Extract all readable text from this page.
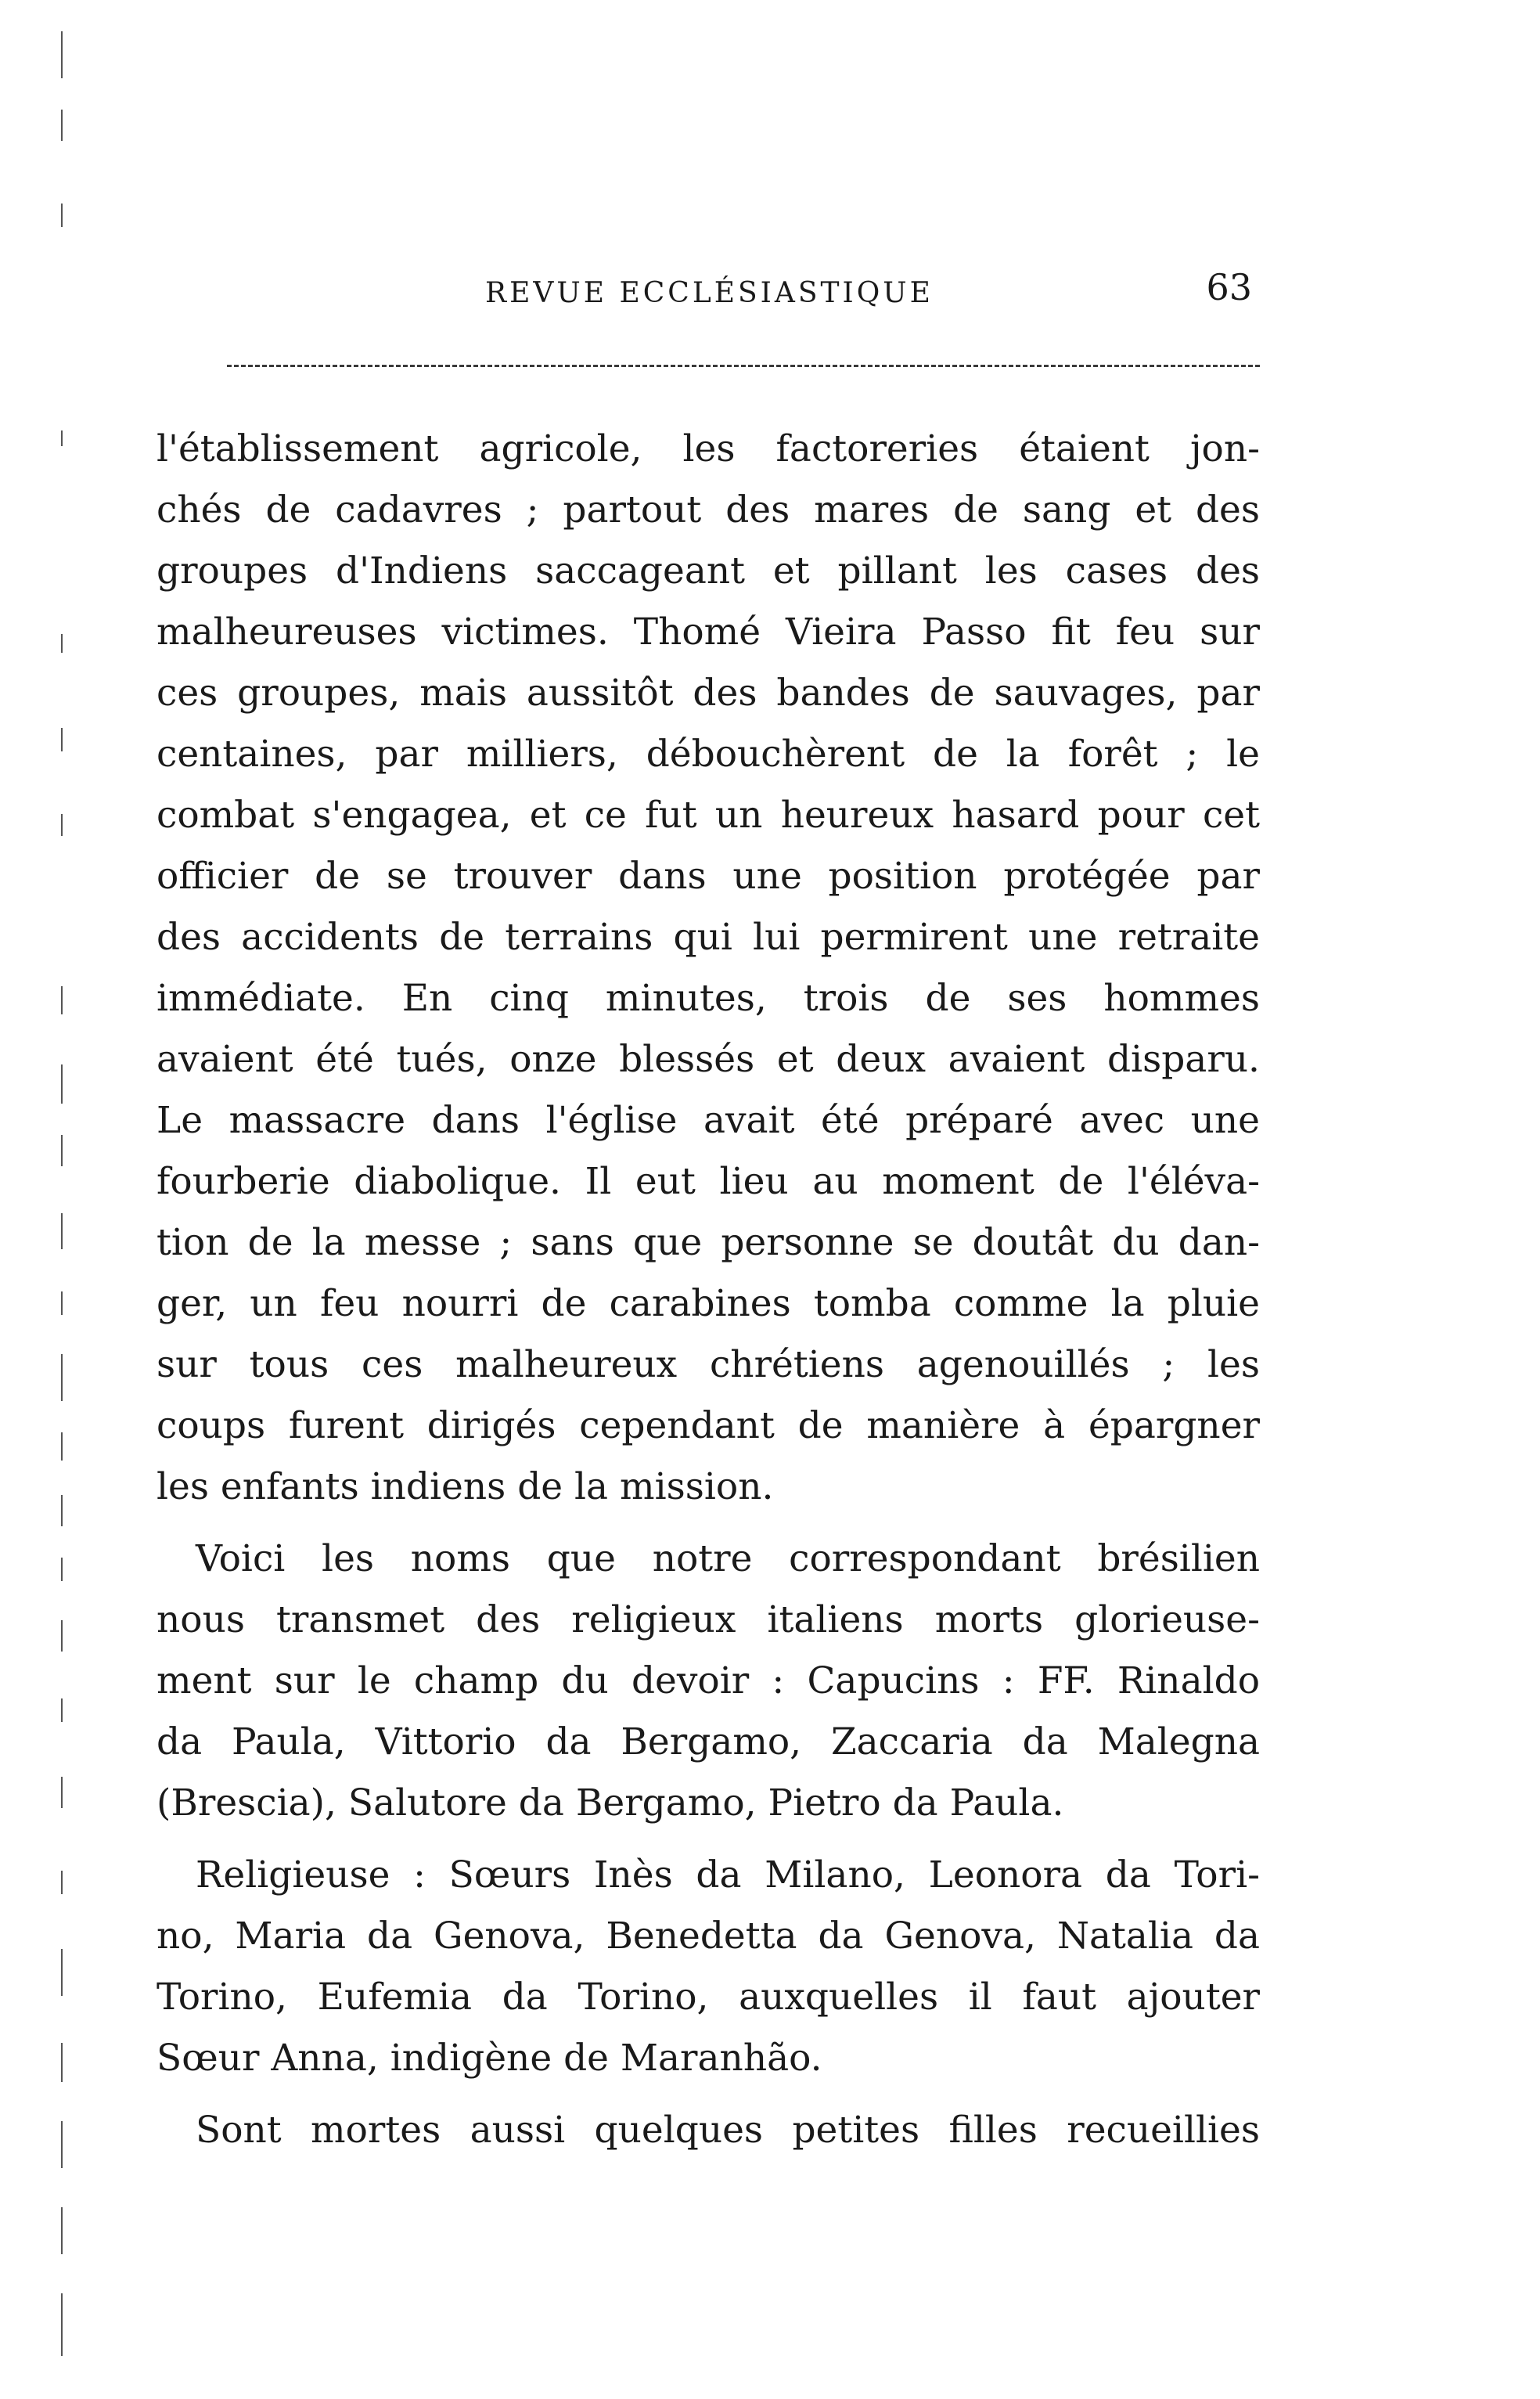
REVUE ECCLÉSIASTIQUE	63
l'établissement agricole, les factoreries étaient jon-
chés de cadavres ; partout des mares de sang et des
groupes d'Indiens saccageant et pillant les cases des
malheureuses victimes. Thomé Vieira Passo fit feu sur
ces groupes, mais aussitôt des bandes de sauvages, par
centaines, par milliers, débouchèrent de la forêt ; le
combat s'engagea, et ce fut un heureux hasard pour cet
officier de se trouver dans une position protégée par
des accidents de terrains qui lui permirent une retraite
immédiate. En cinq minutes, trois de ses hommes
avaient été tués, onze blessés et deux avaient disparu.
Le massacre dans l'église avait été préparé avec une
fourberie diabolique. Il eut lieu au moment de l'éléva-
tion de la messe ; sans que personne se doutât du dan-
ger, un feu nourri de carabines tomba comme la pluie
sur tous ces malheureux chrétiens agenouillés ; les
coups furent dirigés cependant de manière à épargner
les enfants indiens de la mission.
Voici les noms que notre correspondant brésilien
nous transmet des religieux italiens morts glorieuse-
ment sur le champ du devoir : Capucins : FF. Rinaldo
da Paula, Vittorio da Bergamo, Zaccaria da Malegna
(Brescia), Salutore da Bergamo, Pietro da Paula.
Religieuse : Sœurs Inès da Milano, Leonora da Tori-
no, Maria da Genova, Benedetta da Genova, Natalia da
Torino, Eufemia da Torino, auxquelles il faut ajouter
Sœur Anna, indigène de Maranhão.
Sont mortes aussi quelques petites filles recueillies
